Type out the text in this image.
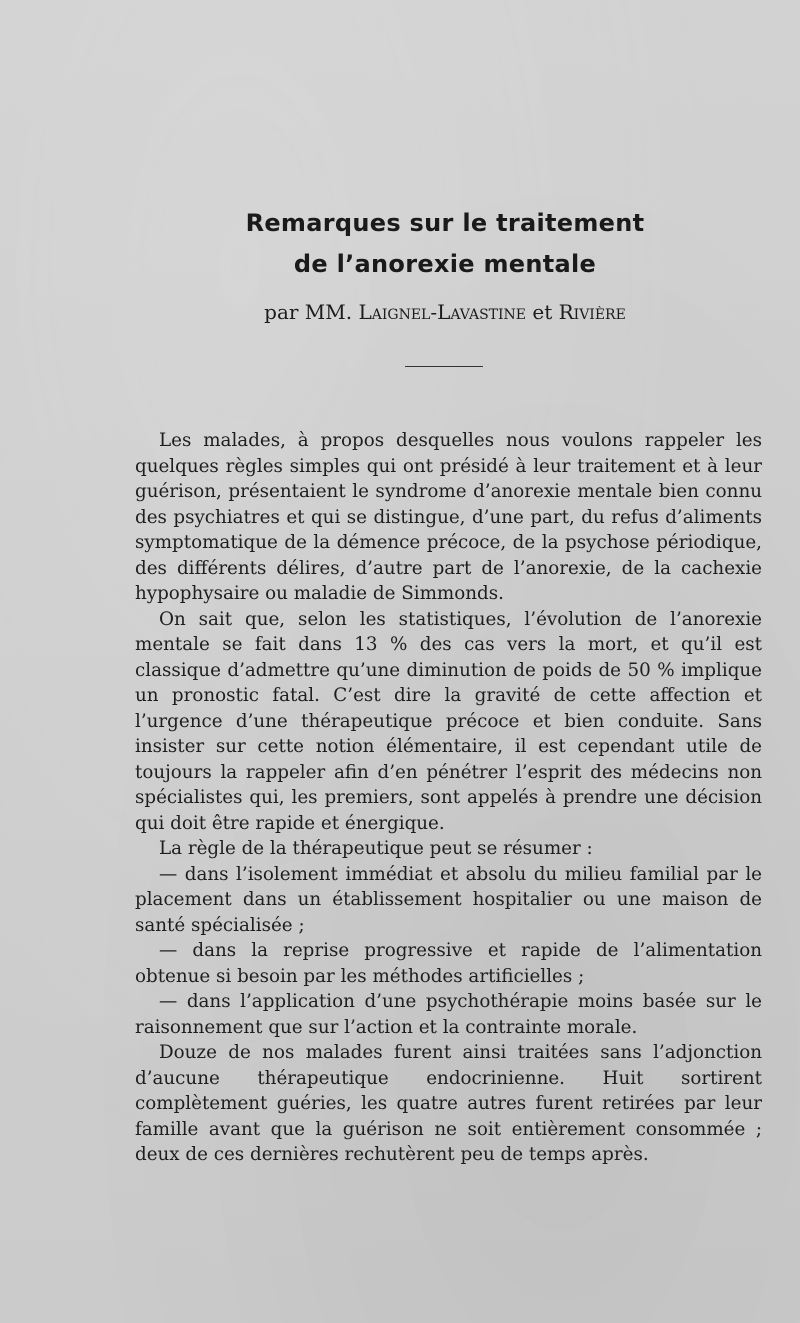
Remarques sur le traitement
de l’anorexie mentale
par MM. Laignel-Lavastine et Rivière

Les malades, à propos desquelles nous voulons rappeler les quelques règles simples qui ont présidé à leur traitement et à leur guérison, présentaient le syndrome d’anorexie mentale bien connu des psychiatres et qui se distingue, d’une part, du refus d’aliments symptomatique de la démence précoce, de la psychose périodique, des différents délires, d’autre part de l’anorexie, de la cachexie hypophysaire ou maladie de Simmonds.

On sait que, selon les statistiques, l’évolution de l’anorexie mentale se fait dans 13 % des cas vers la mort, et qu’il est classique d’admettre qu’une diminution de poids de 50 % implique un pronostic fatal. C’est dire la gravité de cette affection et l’urgence d’une thérapeutique précoce et bien conduite. Sans insister sur cette notion élémentaire, il est cependant utile de toujours la rappeler afin d’en pénétrer l’esprit des médecins non spécialistes qui, les premiers, sont appelés à prendre une décision qui doit être rapide et énergique.

La règle de la thérapeutique peut se résumer :

— dans l’isolement immédiat et absolu du milieu familial par le placement dans un établissement hospitalier ou une maison de santé spécialisée ;

— dans la reprise progressive et rapide de l’alimentation obtenue si besoin par les méthodes artificielles ;

— dans l’application d’une psychothérapie moins basée sur le raisonnement que sur l’action et la contrainte morale.

Douze de nos malades furent ainsi traitées sans l’adjonction d’aucune thérapeutique endocrinienne. Huit sortirent complètement guéries, les quatre autres furent retirées par leur famille avant que la guérison ne soit entièrement consommée ; deux de ces dernières rechutèrent peu de temps après.
